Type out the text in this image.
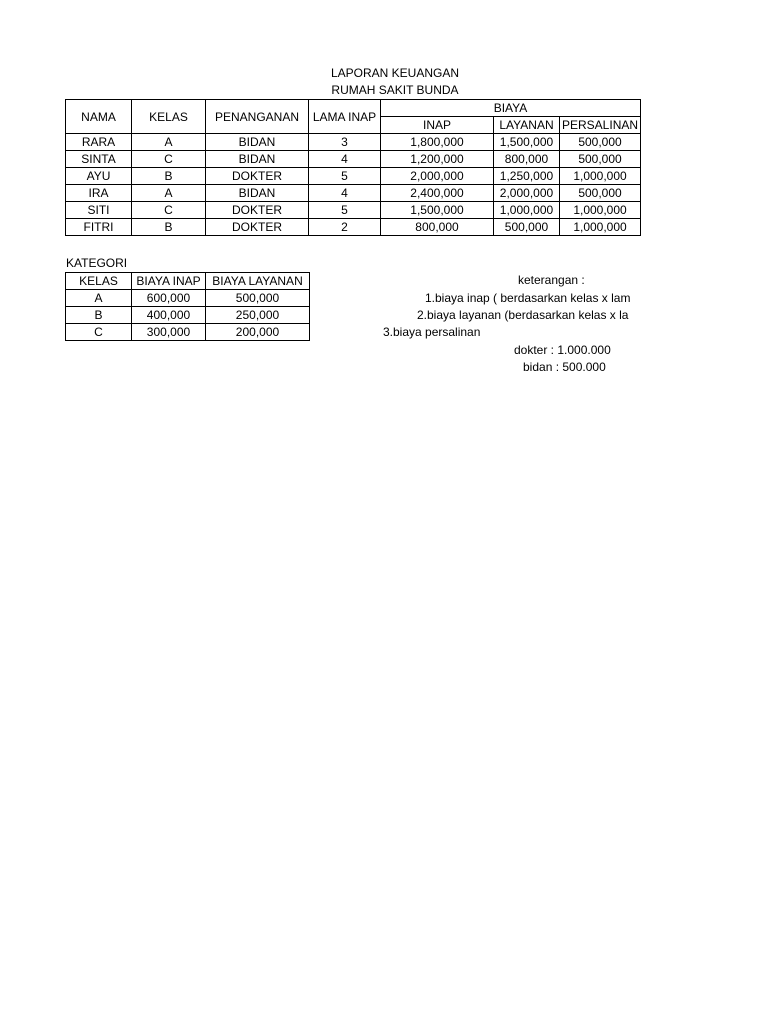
LAPORAN KEUANGAN
RUMAH SAKIT BUNDA
NAMA	KELAS	PENANGANAN	LAMA INAP	BIAYA		
				INAP	LAYANAN	PERSALINAN
RARA	A	BIDAN	3	1,800,000	1,500,000	500,000
SINTA	C	BIDAN	4	1,200,000	800,000	500,000
AYU	B	DOKTER	5	2,000,000	1,250,000	1,000,000
IRA	A	BIDAN	4	2,400,000	2,000,000	500,000
SITI	C	DOKTER	5	1,500,000	1,000,000	1,000,000
FITRI	B	DOKTER	2	800,000	500,000	1,000,000
KATEGORI
KELAS	BIAYA INAP	BIAYA LAYANAN
A	600,000	500,000
B	400,000	250,000
C	300,000	200,000
keterangan :
1.biaya inap ( berdasarkan kelas x lam
2.biaya layanan (berdasarkan kelas x la
3.biaya persalinan
dokter : 1.000.000
bidan : 500.000
